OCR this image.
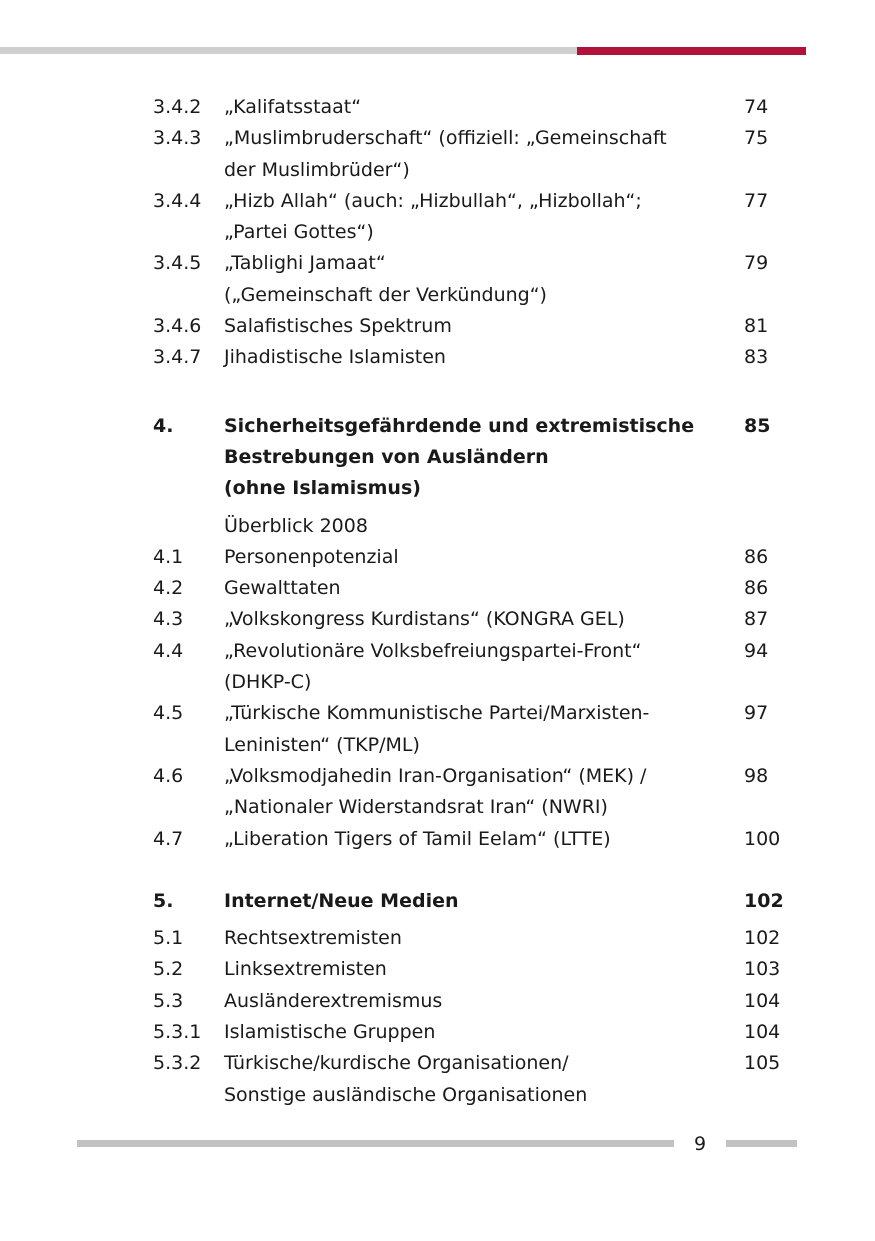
3.4.2 „Kalifatsstaat“	74
3.4.3 „Muslimbruderschaft“ (offiziell: „Gemeinschaft	75
der Muslimbrüder“)
3.4.4 „Hizb Allah“ (auch: „Hizbullah“, „Hizbollah“;	77
„Partei Gottes“)
3.4.5 „Tablighi Jamaat“	79
(„Gemeinschaft der Verkündung“)
3.4.6 Salafistisches Spektrum	81
3.4.7 Jihadistische Islamisten	83
4.	Sicherheitsgefährdende und extremistische	85
Bestrebungen von Ausländern
(ohne Islamismus)
Überblick 2008
4.1 Personenpotenzial	86
4.2 Gewalttaten	86
4.3 „Volkskongress Kurdistans“ (KONGRA GEL)	87
4.4 „Revolutionäre Volksbefreiungspartei-Front“	94
(DHKP-C)
4.5 „Türkische Kommunistische Partei/Marxisten-	97
Leninisten“ (TKP/ML)
4.6 „Volksmodjahedin Iran-Organisation“ (MEK) /	98
„Nationaler Widerstandsrat Iran“ (NWRI)
4.7 „Liberation Tigers of Tamil Eelam“ (LTTE)	100
5.	Internet/Neue Medien	102
5.1 Rechtsextremisten	102
5.2 Linksextremisten	103
5.3 Ausländerextremismus	104
5.3.1 Islamistische Gruppen	104
5.3.2 Türkische/kurdische Organisationen/	105
Sonstige ausländische Organisationen
9
